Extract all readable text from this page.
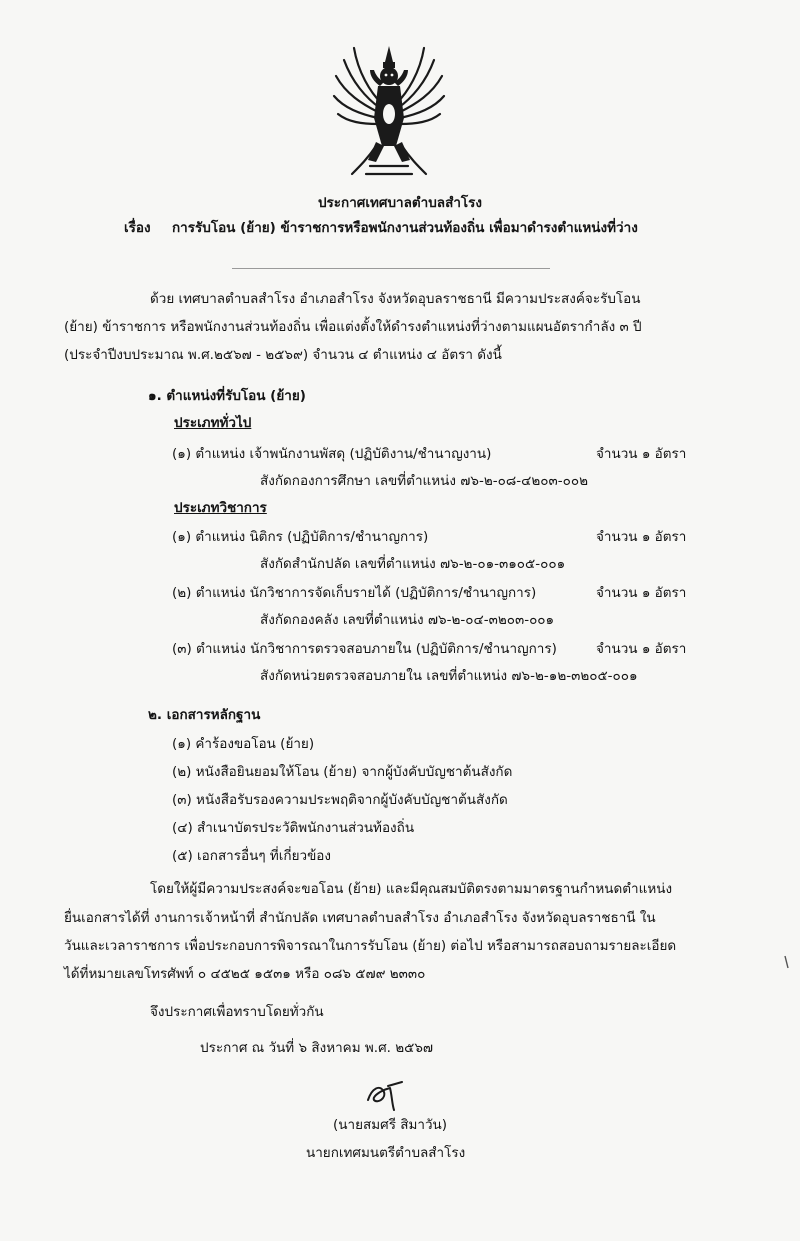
ประกาศเทศบาลตำบลสำโรง
เรื่อง การรับโอน (ย้าย) ข้าราชการหรือพนักงานส่วนท้องถิ่น เพื่อมาดำรงตำแหน่งที่ว่าง
ด้วย เทศบาลตำบลสำโรง อำเภอสำโรง จังหวัดอุบลราชธานี มีความประสงค์จะรับโอน
(ย้าย) ข้าราชการ หรือพนักงานส่วนท้องถิ่น เพื่อแต่งตั้งให้ดำรงตำแหน่งที่ว่างตามแผนอัตรากำลัง ๓ ปี
(ประจำปีงบประมาณ พ.ศ.๒๕๖๗ - ๒๕๖๙) จำนวน ๔ ตำแหน่ง ๔ อัตรา ดังนี้
๑. ตำแหน่งที่รับโอน (ย้าย)
ประเภททั่วไป
(๑) ตำแหน่ง เจ้าพนักงานพัสดุ (ปฏิบัติงาน/ชำนาญงาน)	จำนวน ๑ อัตรา
สังกัดกองการศึกษา เลขที่ตำแหน่ง ๗๖-๒-๐๘-๔๒๐๓-๐๐๒
ประเภทวิชาการ
(๑) ตำแหน่ง นิติกร (ปฏิบัติการ/ชำนาญการ)	จำนวน ๑ อัตรา
สังกัดสำนักปลัด เลขที่ตำแหน่ง ๗๖-๒-๐๑-๓๑๐๕-๐๐๑
(๒) ตำแหน่ง นักวิชาการจัดเก็บรายได้ (ปฏิบัติการ/ชำนาญการ)	จำนวน ๑ อัตรา
สังกัดกองคลัง เลขที่ตำแหน่ง ๗๖-๒-๐๔-๓๒๐๓-๐๐๑
(๓) ตำแหน่ง นักวิชาการตรวจสอบภายใน (ปฏิบัติการ/ชำนาญการ)	จำนวน ๑ อัตรา
สังกัดหน่วยตรวจสอบภายใน เลขที่ตำแหน่ง ๗๖-๒-๑๒-๓๒๐๕-๐๐๑
๒. เอกสารหลักฐาน
(๑) คำร้องขอโอน (ย้าย)
(๒) หนังสือยินยอมให้โอน (ย้าย) จากผู้บังคับบัญชาต้นสังกัด
(๓) หนังสือรับรองความประพฤติจากผู้บังคับบัญชาต้นสังกัด
(๔) สำเนาบัตรประวัติพนักงานส่วนท้องถิ่น
(๕) เอกสารอื่นๆ ที่เกี่ยวข้อง
โดยให้ผู้มีความประสงค์จะขอโอน (ย้าย) และมีคุณสมบัติตรงตามมาตรฐานกำหนดตำแหน่ง
ยื่นเอกสารได้ที่ งานการเจ้าหน้าที่ สำนักปลัด เทศบาลตำบลสำโรง อำเภอสำโรง จังหวัดอุบลราชธานี ใน
วันและเวลาราชการ เพื่อประกอบการพิจารณาในการรับโอน (ย้าย) ต่อไป หรือสามารถสอบถามรายละเอียด
ได้ที่หมายเลขโทรศัพท์ ๐ ๔๕๒๕ ๑๕๓๑ หรือ ๐๘๖ ๕๗๙ ๒๓๓๐
จึงประกาศเพื่อทราบโดยทั่วกัน
ประกาศ ณ วันที่ ๖ สิงหาคม พ.ศ. ๒๕๖๗
(นายสมศรี สิมาวัน)
นายกเทศมนตรีตำบลสำโรง
